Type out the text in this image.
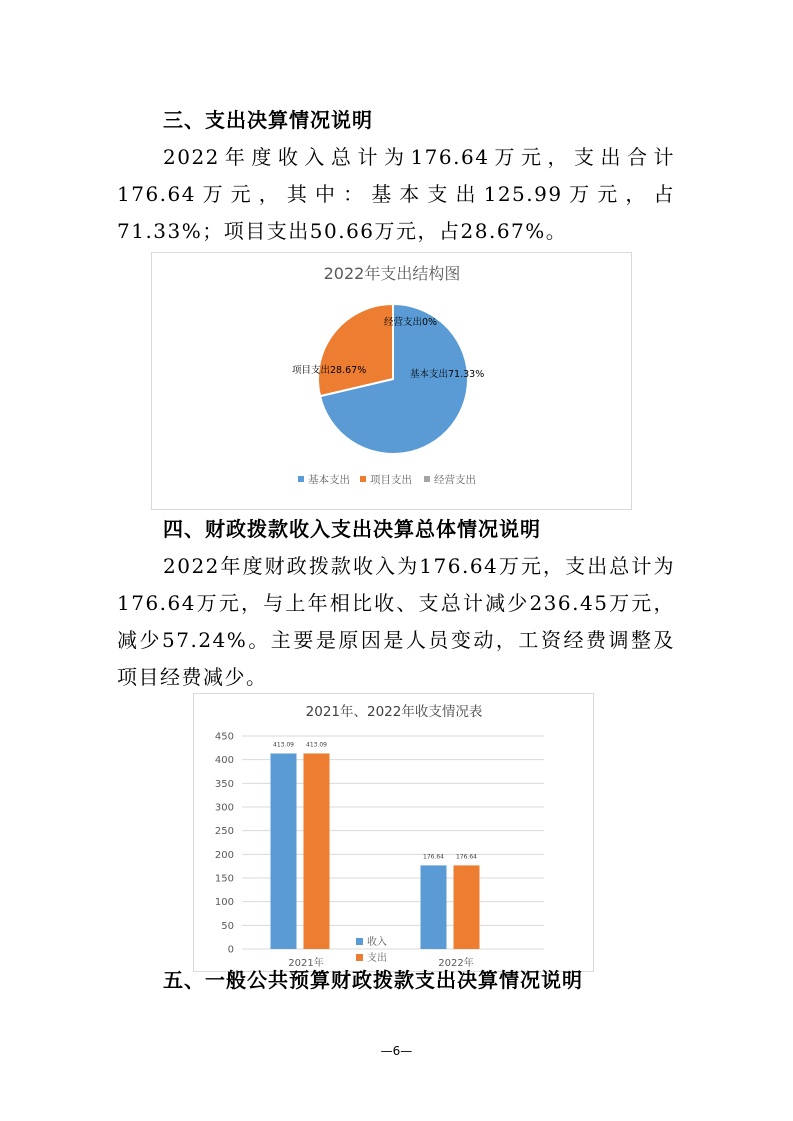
三、支出决算情况说明
2022年度收入总计为176.64万元，支出合计176.64万元，其中：基本支出125.99万元，占71.33%；项目支出50.66万元，占28.67%。
2022年支出结构图
基本支出71.33%
项目支出28.67%
经营支出0%
基本支出 项目支出 经营支出
四、财政拨款收入支出决算总体情况说明
2022年度财政拨款收入为176.64万元，支出总计为176.64万元，与上年相比收、支总计减少236.45万元，减少57.24%。主要是原因是人员变动，工资经费调整及项目经费减少。
2021年、2022年收支情况表
0
50
100
150
200
250
300
350
400
450
413.09 413.09
2021年
176.64 176.64
2022年
收入
支出
五、一般公共预算财政拨款支出决算情况说明
—6—
